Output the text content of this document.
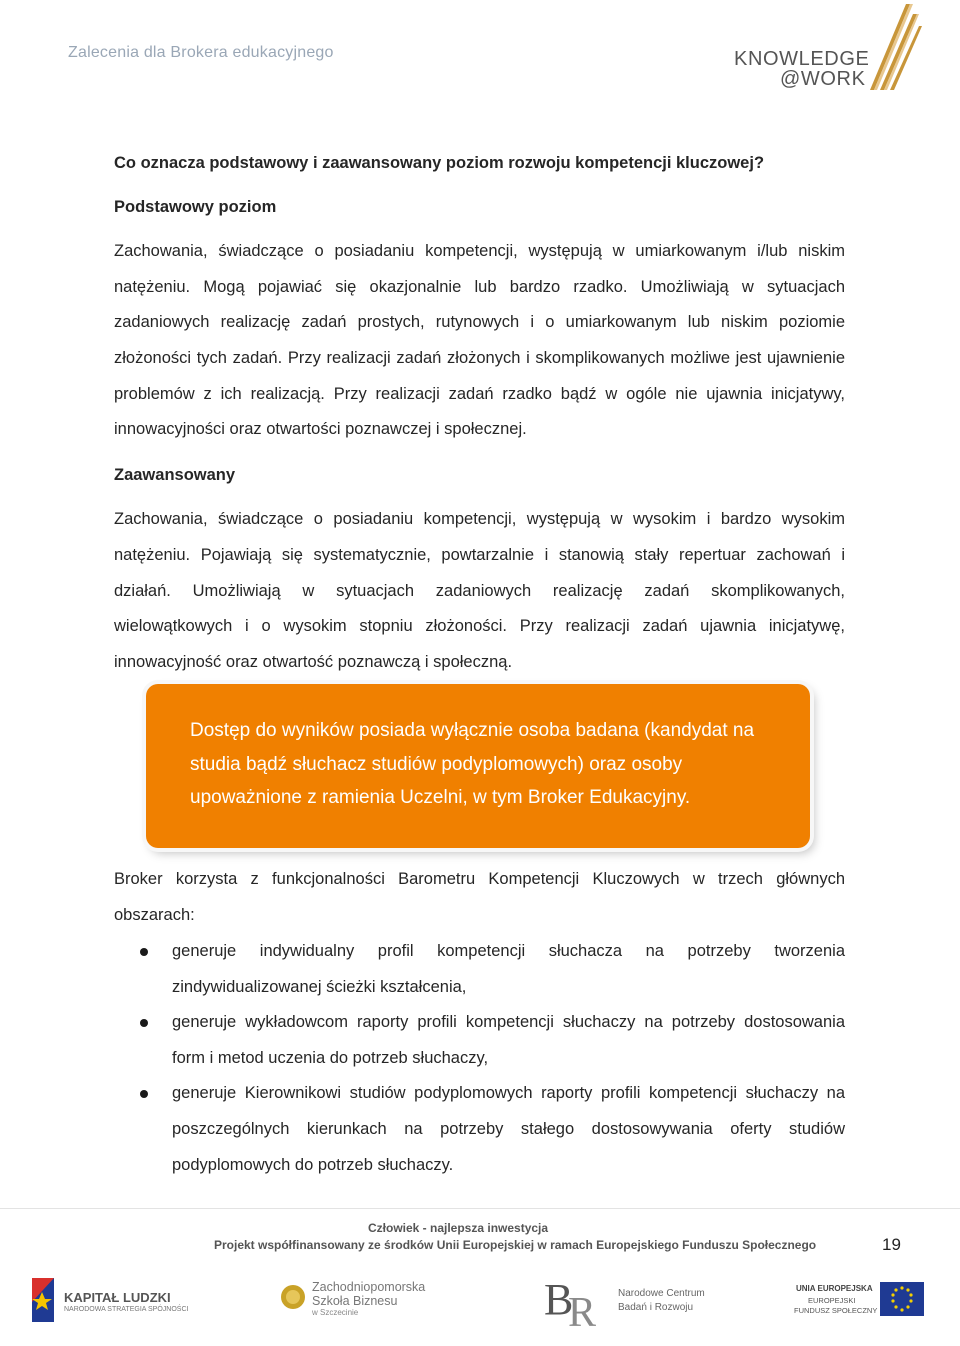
Zalecenia dla Brokera edukacyjnego	KNOWLEDGE
@WORK

Co oznacza podstawowy i zaawansowany poziom rozwoju kompetencji kluczowej?

Podstawowy poziom

Zachowania, świadczące o posiadaniu kompetencji, występują w umiarkowanym i/lub niskim natężeniu. Mogą pojawiać się okazjonalnie lub bardzo rzadko. Umożliwiają w sytuacjach zadaniowych realizację zadań prostych, rutynowych i o umiarkowanym lub niskim poziomie złożoności tych zadań. Przy realizacji zadań złożonych i skomplikowanych możliwe jest ujawnienie problemów z ich realizacją. Przy realizacji zadań rzadko bądź w ogóle nie ujawnia inicjatywy, innowacyjności oraz otwartości poznawczej i społecznej.

Zaawansowany

Zachowania, świadczące o posiadaniu kompetencji, występują w wysokim i bardzo wysokim natężeniu. Pojawiają się systematycznie, powtarzalnie i stanowią stały repertuar zachowań i działań. Umożliwiają w sytuacjach zadaniowych realizację zadań skomplikowanych, wielowątkowych i o wysokim stopniu złożoności. Przy realizacji zadań ujawnia inicjatywę, innowacyjność oraz otwartość poznawczą i społeczną.

Dostęp do wyników posiada wyłącznie osoba badana (kandydat na studia bądź słuchacz studiów podyplomowych) oraz osoby upoważnione z ramienia Uczelni, w tym Broker Edukacyjny.

Broker korzysta z funkcjonalności Barometru Kompetencji Kluczowych w trzech głównych obszarach:

generuje indywidualny profil kompetencji słuchacza na potrzeby tworzenia zindywidualizowanej ścieżki kształcenia,
generuje wykładowcom raporty profili kompetencji słuchaczy na potrzeby dostosowania form i metod uczenia do potrzeb słuchaczy,
generuje Kierownikowi studiów podyplomowych raporty profili kompetencji słuchaczy na poszczególnych kierunkach na potrzeby stałego dostosowywania oferty studiów podyplomowych do potrzeb słuchaczy.
Człowiek - najlepsza inwestycja
Projekt współfinansowany ze środków Unii Europejskiej w ramach Europejskiego Funduszu Społecznego	19
KAPITAŁ LUDZKI
NARODOWA STRATEGIA SPÓJNOŚCI
Zachodniopomorska
Szkoła Biznesu
w Szczecinie	B
R Narodowe Centrum
Badań i Rozwoju
UNIA EUROPEJSKA
EUROPEJSKI
FUNDUSZ SPOŁECZNY
